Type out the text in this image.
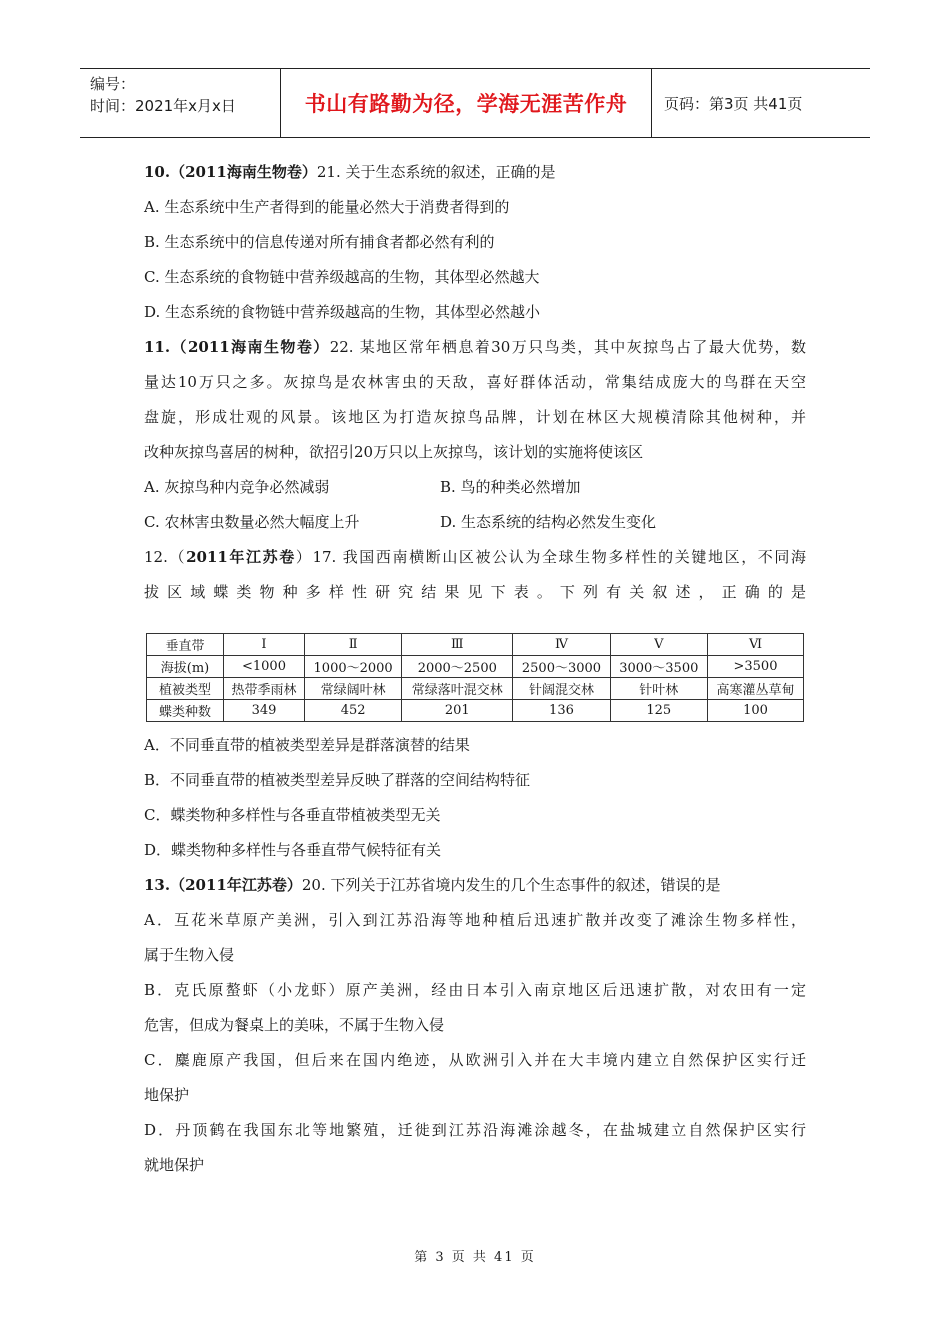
编号：
时间：2021年x月x日	书山有路勤为径，学海无涯苦作舟	页码：第3页 共41页
10.（2011海南生物卷）21. 关于生态系统的叙述，正确的是
A. 生态系统中生产者得到的能量必然大于消费者得到的
B. 生态系统中的信息传递对所有捕食者都必然有利的
C. 生态系统的食物链中营养级越高的生物，其体型必然越大
D. 生态系统的食物链中营养级越高的生物，其体型必然越小
11.（2011海南生物卷）22. 某地区常年栖息着30万只鸟类，其中灰掠鸟占了最大优势，数
量达10万只之多。灰掠鸟是农林害虫的天敌，喜好群体活动，常集结成庞大的鸟群在天空
盘旋，形成壮观的风景。该地区为打造灰掠鸟品牌，计划在林区大规模清除其他树种，并
改种灰掠鸟喜居的树种，欲招引20万只以上灰掠鸟，该计划的实施将使该区
A. 灰掠鸟种内竞争必然减弱	B. 鸟的种类必然增加
C. 农林害虫数量必然大幅度上升	D. 生态系统的结构必然发生变化
12.（2011年江苏卷）17. 我国西南横断山区被公认为全球生物多样性的关键地区，不同海
拔区域蝶类物种多样性研究结果见下表。下列有关叙述，正确的是
垂直带	Ⅰ	Ⅱ	Ⅲ	Ⅳ	Ⅴ	Ⅵ
海拔(m)	<1000	1000～2000	2000～2500	2500～3000	3000～3500	>3500
植被类型	热带季雨林	常绿阔叶林	常绿落叶混交林	针阔混交林	针叶林	高寒灌丛草甸
蝶类种数	349	452	201	136	125	100
A．不同垂直带的植被类型差异是群落演替的结果
B．不同垂直带的植被类型差异反映了群落的空间结构特征
C．蝶类物种多样性与各垂直带植被类型无关
D．蝶类物种多样性与各垂直带气候特征有关
13.（2011年江苏卷）20. 下列关于江苏省境内发生的几个生态事件的叙述，错误的是
A．互花米草原产美洲，引入到江苏沿海等地种植后迅速扩散并改变了滩涂生物多样性，
属于生物入侵
B．克氏原螯虾（小龙虾）原产美洲，经由日本引入南京地区后迅速扩散，对农田有一定
危害，但成为餐桌上的美味，不属于生物入侵
C．麋鹿原产我国，但后来在国内绝迹，从欧洲引入并在大丰境内建立自然保护区实行迁
地保护
D．丹顶鹤在我国东北等地繁殖，迁徙到江苏沿海滩涂越冬，在盐城建立自然保护区实行
就地保护
第 3 页 共 41 页
